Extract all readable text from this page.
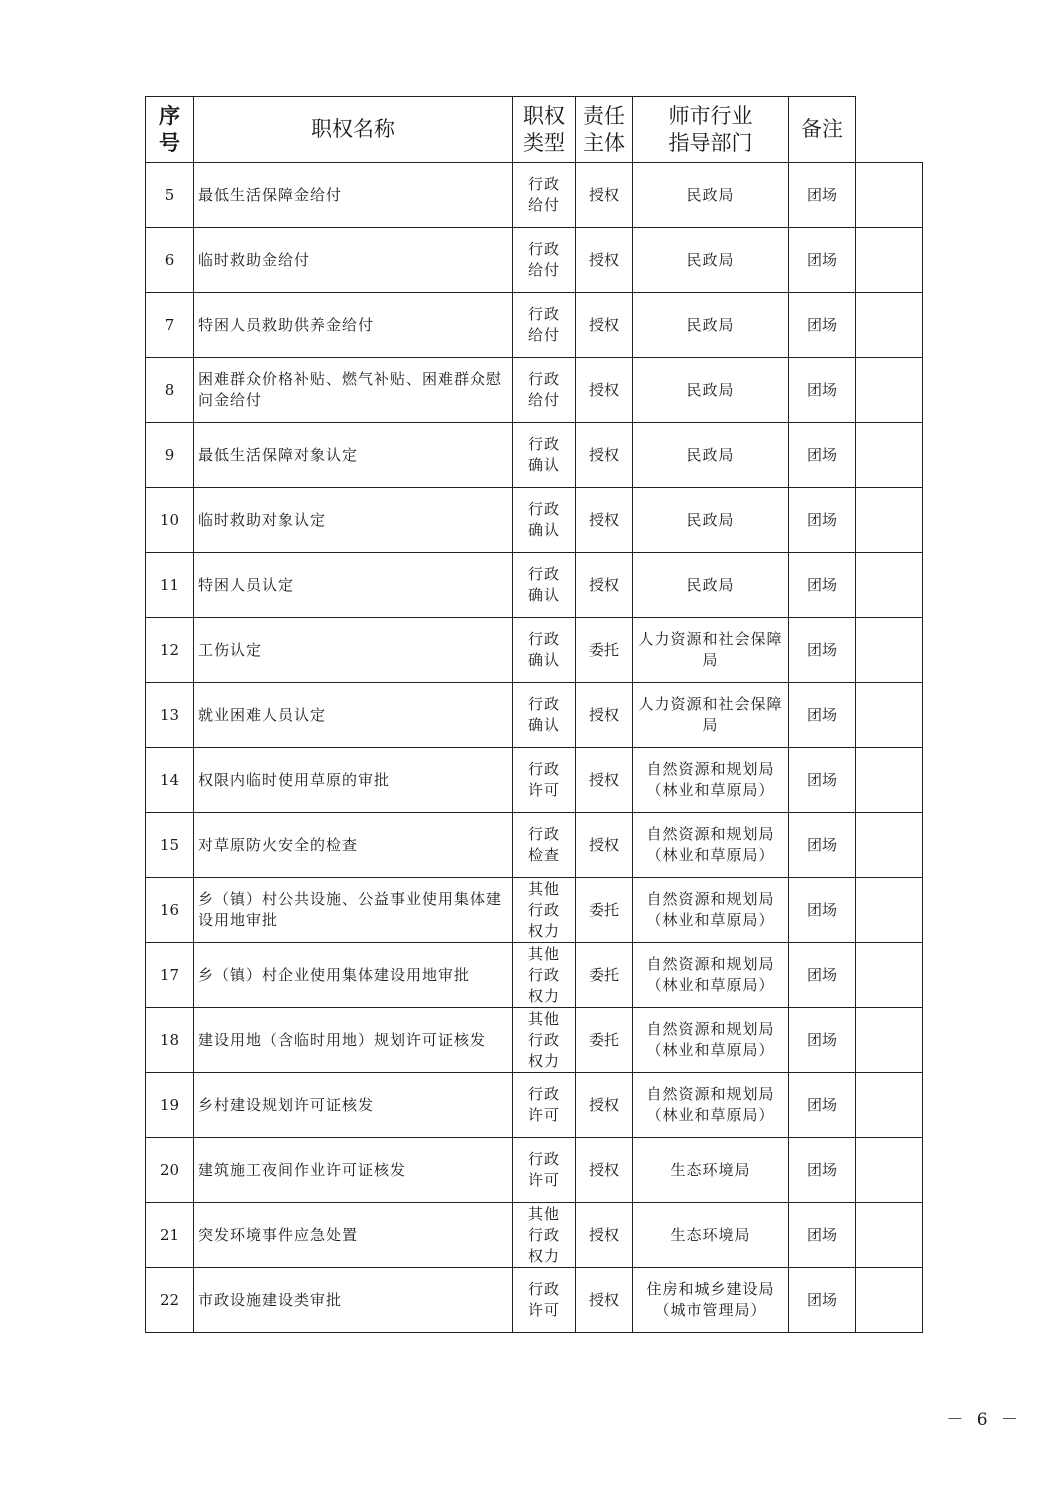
序号	职权名称	职权类型	责任主体	师市行业指导部门	备注	
5	最低生活保障金给付	行政给付	授权	民政局	团场	
6	临时救助金给付	行政给付	授权	民政局	团场	
7	特困人员救助供养金给付	行政给付	授权	民政局	团场	
8	困难群众价格补贴、燃气补贴、困难群众慰问金给付	行政给付	授权	民政局	团场	
9	最低生活保障对象认定	行政确认	授权	民政局	团场	
10	临时救助对象认定	行政确认	授权	民政局	团场	
11	特困人员认定	行政确认	授权	民政局	团场	
12	工伤认定	行政确认	委托	人力资源和社会保障局	团场	
13	就业困难人员认定	行政确认	授权	人力资源和社会保障局	团场	
14	权限内临时使用草原的审批	行政许可	授权	自然资源和规划局（林业和草原局）	团场	
15	对草原防火安全的检查	行政检查	授权	自然资源和规划局（林业和草原局）	团场	
16	乡（镇）村公共设施、公益事业使用集体建设用地审批	其他行政权力	委托	自然资源和规划局（林业和草原局）	团场	
17	乡（镇）村企业使用集体建设用地审批	其他行政权力	委托	自然资源和规划局（林业和草原局）	团场	
18	建设用地（含临时用地）规划许可证核发	其他行政权力	委托	自然资源和规划局（林业和草原局）	团场	
19	乡村建设规划许可证核发	行政许可	授权	自然资源和规划局（林业和草原局）	团场	
20	建筑施工夜间作业许可证核发	行政许可	授权	生态环境局	团场	
21	突发环境事件应急处置	其他行政权力	授权	生态环境局	团场	
22	市政设施建设类审批	行政许可	授权	住房和城乡建设局（城市管理局）	团场	
－ 6 －
